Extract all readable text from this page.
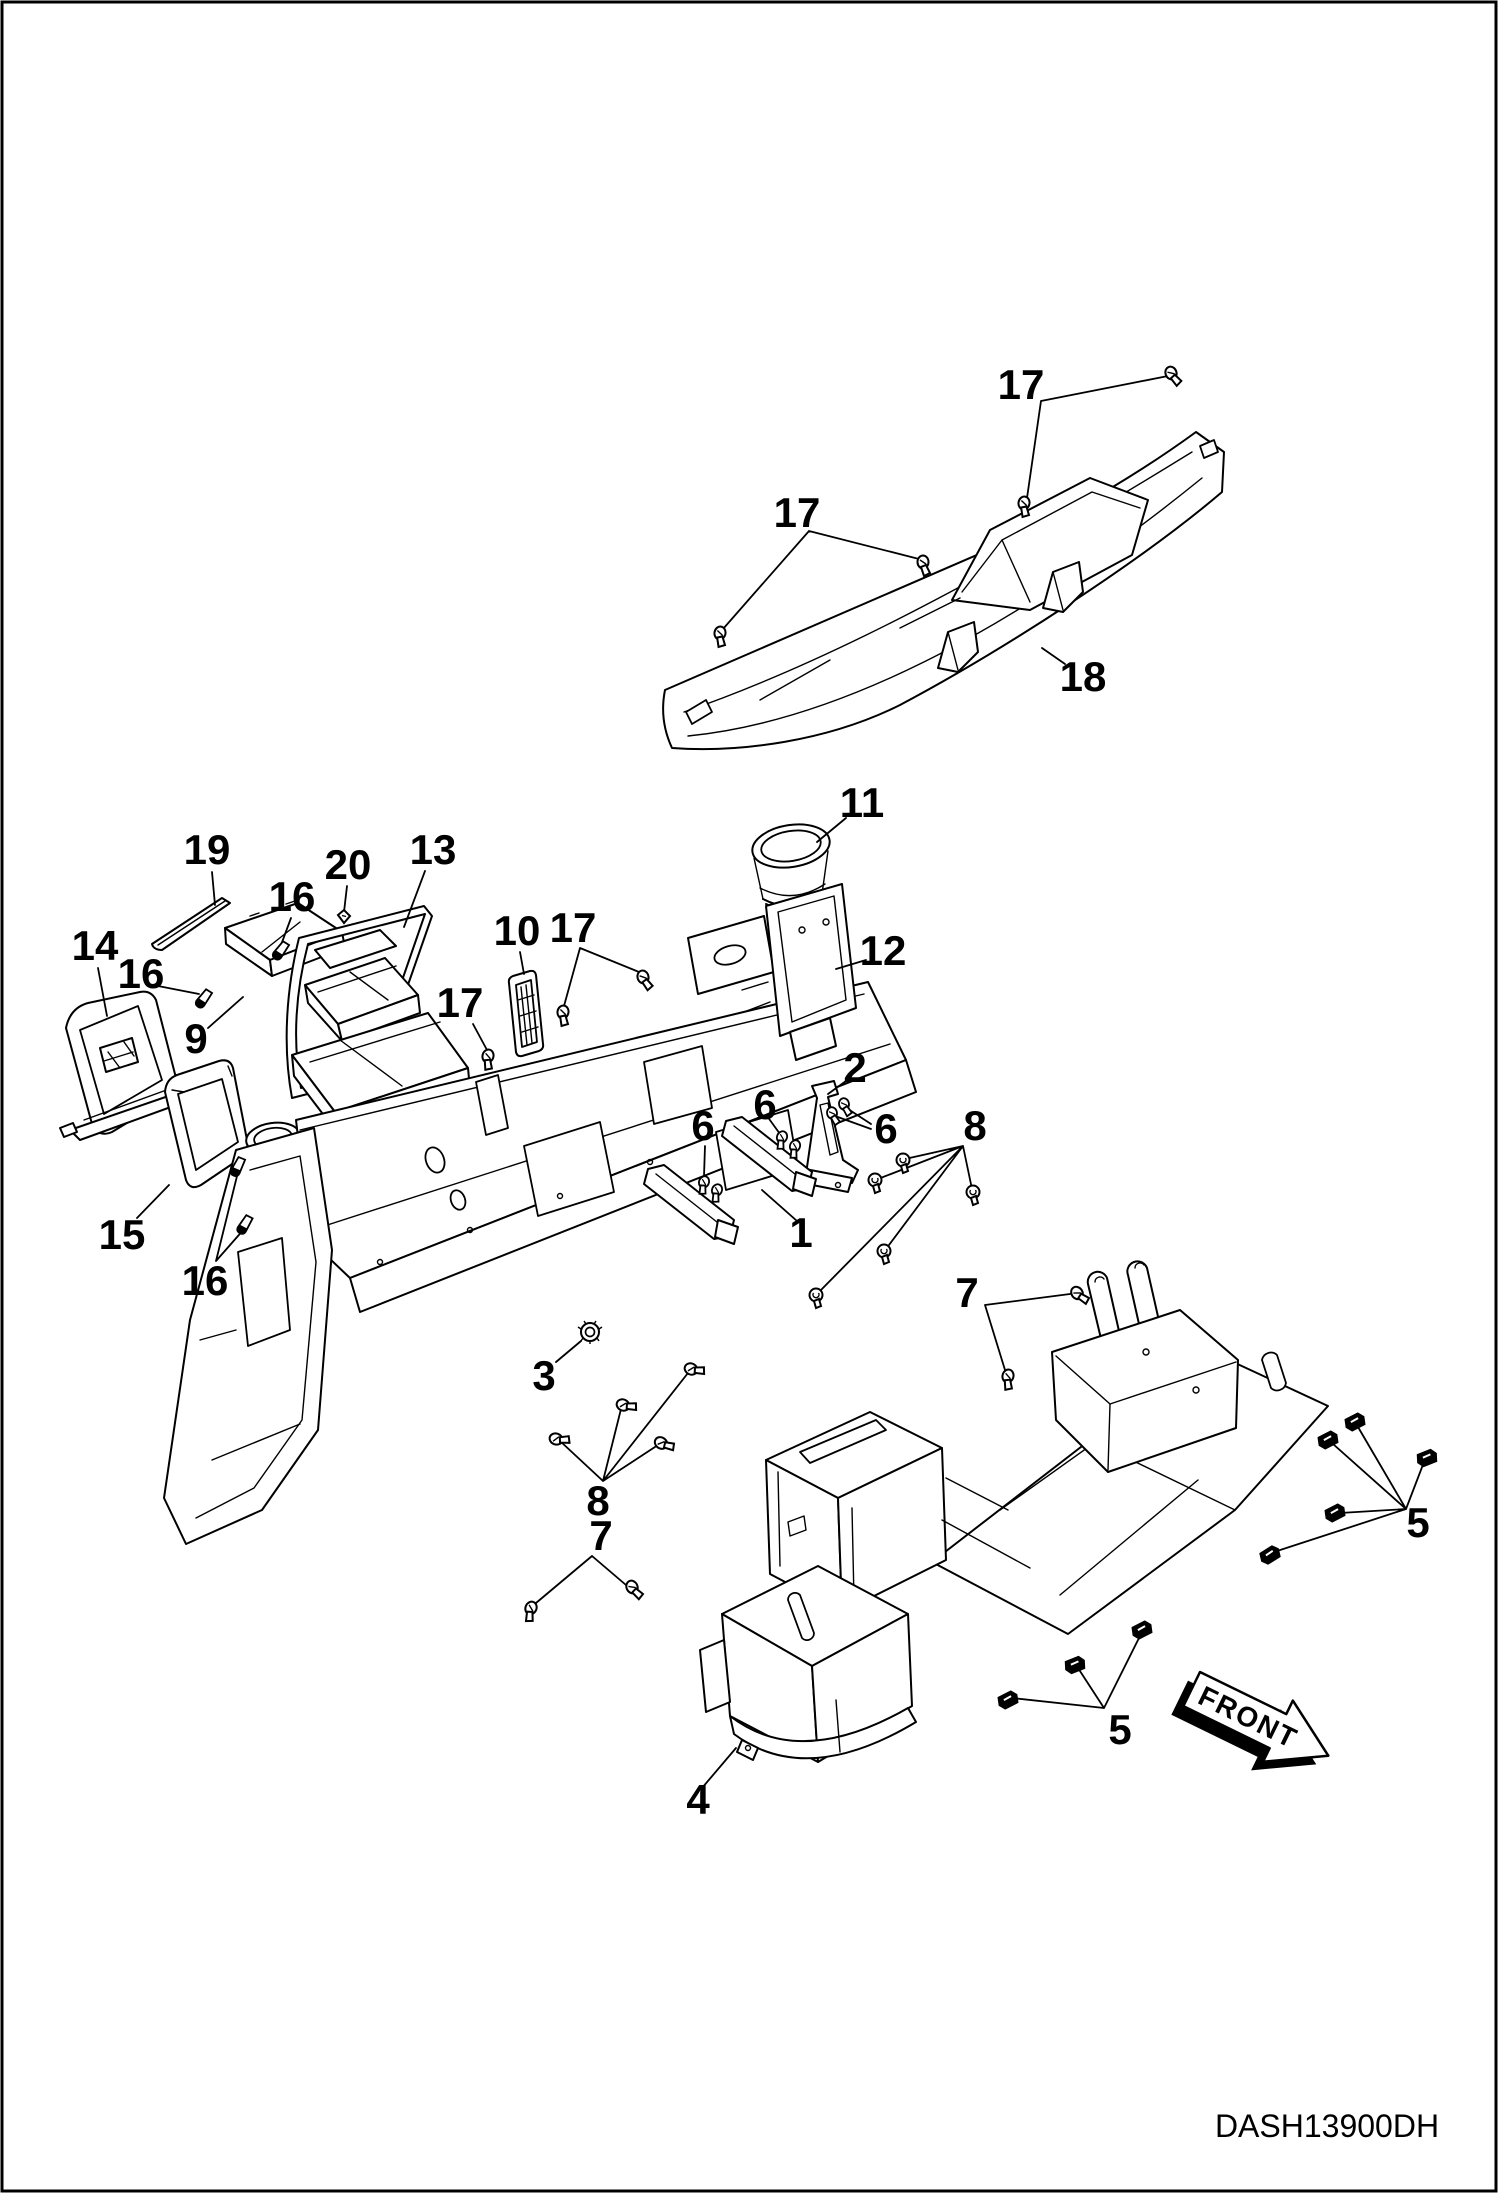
17
17
18
11
19 20 13
16
10 17
14
16	12
9
17
2
6
6	6 8
15
16
1
7
3
8
7	5
5
4
FRONT
DASH13900DH
